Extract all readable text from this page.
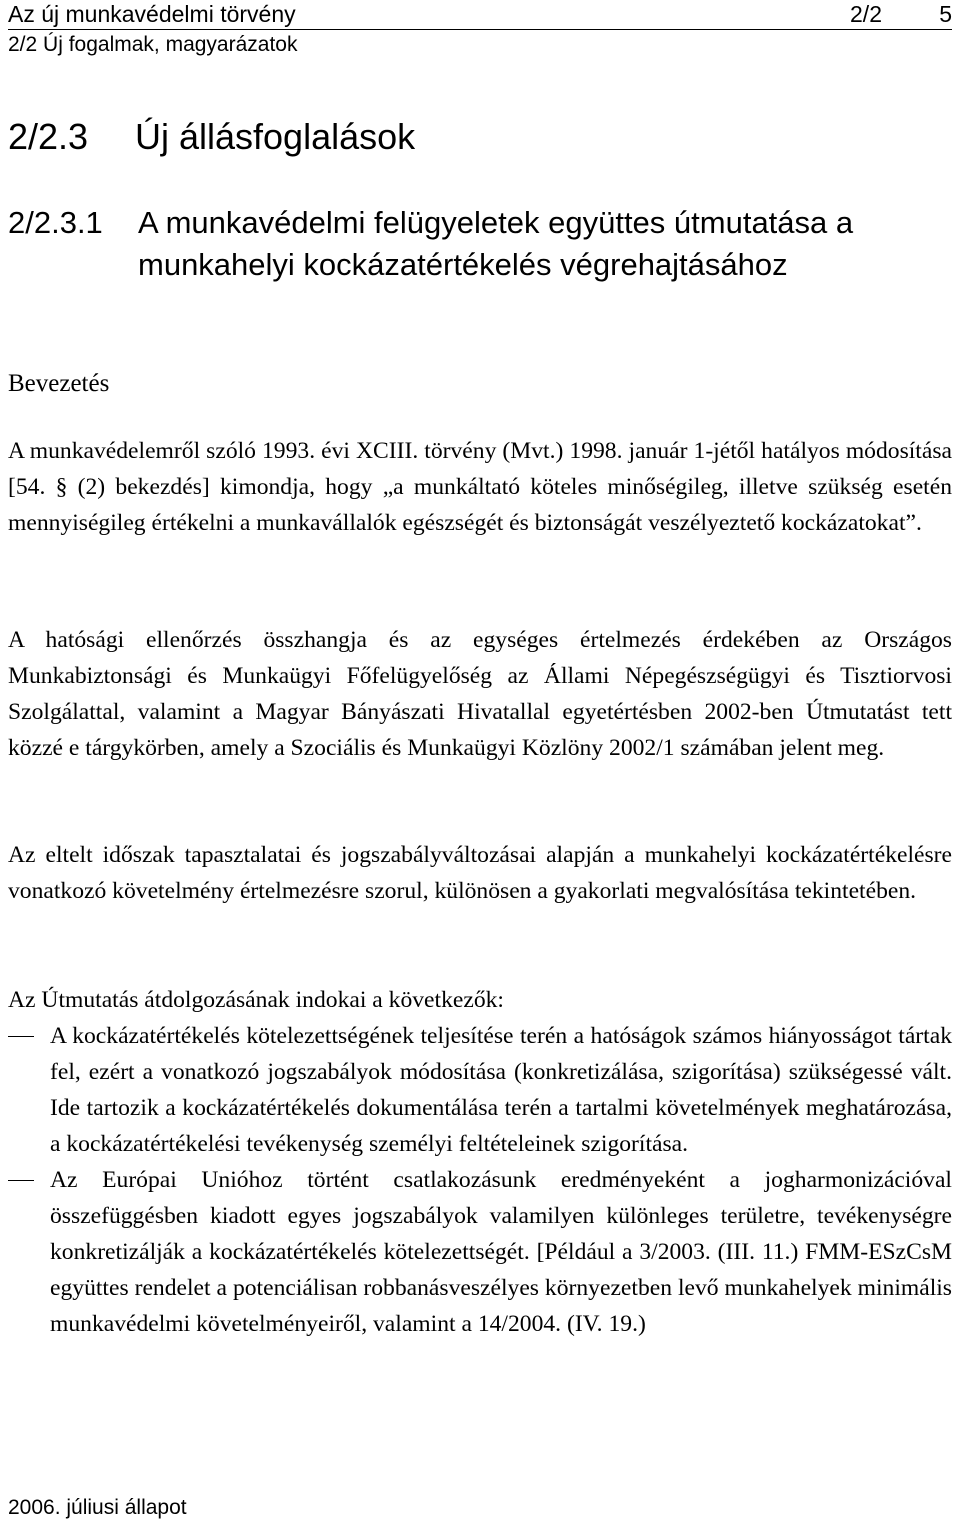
Az új munkavédelmi törvény	2/2 5
2/2 Új fogalmak, magyarázatok
2/2.3 Új állásfoglalások
2/2.3.1 A munkavédelmi felügyeletek együttes útmutatása a munkahelyi kockázatértékelés végrehajtásához
Bevezetés

A munkavédelemről szóló 1993. évi XCIII. törvény (Mvt.) 1998. január 1-jétől hatályos módosítása [54. § (2) bekezdés] kimondja, hogy „a munkáltató köteles minőségileg, illetve szükség esetén mennyiségileg értékelni a munkavállalók egészségét és biztonságát veszélyeztető kockázatokat”.

A hatósági ellenőrzés összhangja és az egységes értelmezés érdekében az Országos Munkabiztonsági és Munkaügyi Főfelügyelőség az Állami Népegészségügyi és Tisztiorvosi Szolgálattal, valamint a Magyar Bányászati Hivatallal egyetértésben 2002-ben Útmutatást tett közzé e tárgykörben, amely a Szociális és Munkaügyi Közlöny 2002/1 számában jelent meg.

Az eltelt időszak tapasztalatai és jogszabályváltozásai alapján a munkahelyi kockázatértékelésre vonatkozó követelmény értelmezésre szorul, különösen a gyakorlati megvalósítása tekintetében.

Az Útmutatás átdolgozásának indokai a következők:

A kockázatértékelés kötelezettségének teljesítése terén a hatóságok számos hiányosságot tártak fel, ezért a vonatkozó jogszabályok módosítása (konkretizálása, szigorítása) szükségessé vált. Ide tartozik a kockázatértékelés dokumentálása terén a tartalmi követelmények meghatározása, a kockázatértékelési tevékenység személyi feltételeinek szigorítása.
Az Európai Unióhoz történt csatlakozásunk eredményeként a jogharmonizációval összefüggésben kiadott egyes jogszabályok valamilyen különleges területre, tevékenységre konkretizálják a kockázatértékelés kötelezettségét. [Például a 3/2003. (III. 11.) FMM-ESzCsM együttes rendelet a potenciálisan robbanásveszélyes környezetben levő munkahelyek minimális munkavédelmi követelményeiről, valamint a 14/2004. (IV. 19.)
2006. júliusi állapot
